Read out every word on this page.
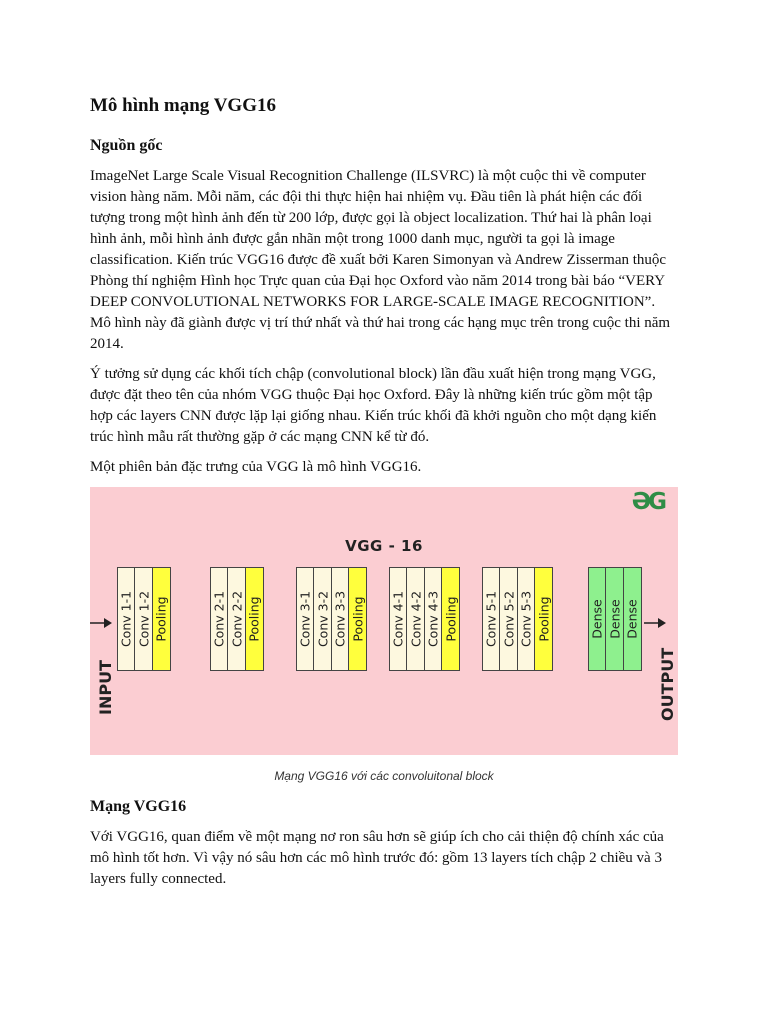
Mô hình mạng VGG16
Nguồn gốc

ImageNet Large Scale Visual Recognition Challenge (ILSVRC) là một cuộc thi về computer vision hàng năm. Mỗi năm, các đội thi thực hiện hai nhiệm vụ. Đầu tiên là phát hiện các đối tượng trong một hình ảnh đến từ 200 lớp, được gọi là object localization. Thứ hai là phân loại hình ảnh, mỗi hình ảnh được gắn nhãn một trong 1000 danh mục, người ta gọi là image classification. Kiến trúc VGG16 được đề xuất bởi Karen Simonyan và Andrew Zisserman thuộc Phòng thí nghiệm Hình học Trực quan của Đại học Oxford vào năm 2014 trong bài báo “VERY DEEP CONVOLUTIONAL NETWORKS FOR LARGE-SCALE IMAGE RECOGNITION”. Mô hình này đã giành được vị trí thứ nhất và thứ hai trong các hạng mục trên trong cuộc thi năm 2014.

Ý tưởng sử dụng các khối tích chập (convolutional block) lần đầu xuất hiện trong mạng VGG, được đặt theo tên của nhóm VGG thuộc Đại học Oxford. Đây là những kiến trúc gồm một tập hợp các layers CNN được lặp lại giống nhau. Kiến trúc khối đã khởi nguồn cho một dạng kiến trúc hình mẫu rất thường gặp ở các mạng CNN kể từ đó.

Một phiên bản đặc trưng của VGG là mô hình VGG16.

ƏG
VGG - 16
INPUT	OUTPUT
Conv 1-1 Conv 1-2 Pooling	Conv 2-1 Conv 2-2 Pooling	Conv 3-1 Conv 3-2 Conv 3-3 Pooling Conv 4-1 Conv 4-2 Conv 4-3 Pooling Conv 5-1 Conv 5-2 Conv 5-3 Pooling	Dense Dense Dense
Mạng VGG16 với các convoluitonal block
Mạng VGG16

Với VGG16, quan điểm về một mạng nơ ron sâu hơn sẽ giúp ích cho cải thiện độ chính xác của mô hình tốt hơn. Vì vậy nó sâu hơn các mô hình trước đó: gồm 13 layers tích chập 2 chiều và 3 layers fully connected.
